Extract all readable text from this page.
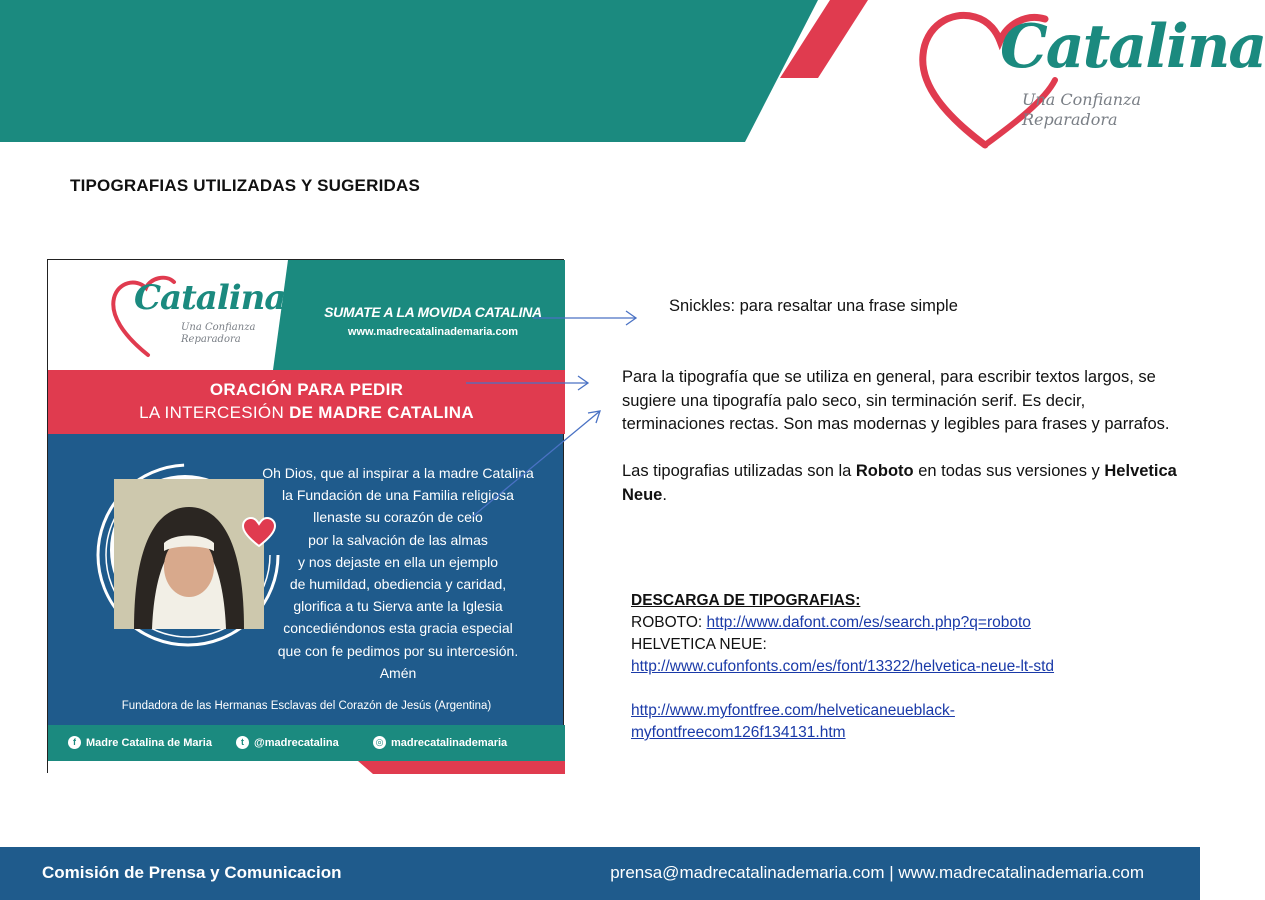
Catalina
Una Confianza
Reparadora
TIPOGRAFIAS UTILIZADAS Y SUGERIDAS
Catalina
Una Confianza
Reparadora
SUMATE A LA MOVIDA CATALINA
www.madrecatalinademaria.com
ORACIÓN PARA PEDIR
LA INTERCESIÓN DE MADRE CATALINA
Oh Dios, que al inspirar a la madre Catalina
la Fundación de una Familia religiosa
llenaste su corazón de celo
por la salvación de las almas
y nos dejaste en ella un ejemplo
de humildad, obediencia y caridad,
glorifica a tu Sierva ante la Iglesia
concediéndonos esta gracia especial
que con fe pedimos por su intercesión.
Amén
Fundadora de las Hermanas Esclavas del Corazón de Jesús (Argentina)
f Madre Catalina de Maria	t @madrecatalina	◎ madrecatalinademaria
Snickles: para resaltar una frase simple

Para la tipografía que se utiliza en general, para escribir textos largos, se sugiere una tipografía palo seco, sin terminación serif. Es decir, terminaciones rectas. Son mas modernas y legibles para frases y parrafos.

Las tipografias utilizadas son la Roboto en todas sus versiones y Helvetica Neue.

DESCARGA DE TIPOGRAFIAS:
ROBOTO: http://www.dafont.com/es/search.php?q=roboto
HELVETICA NEUE:
http://www.cufonfonts.com/es/font/13322/helvetica-neue-lt-std
http://www.myfontfree.com/helveticaneueblack-
myfontfreecom126f134131.htm
Comisión de Prensa y Comunicacion	prensa@madrecatalinademaria.com | www.madrecatalinademaria.com
